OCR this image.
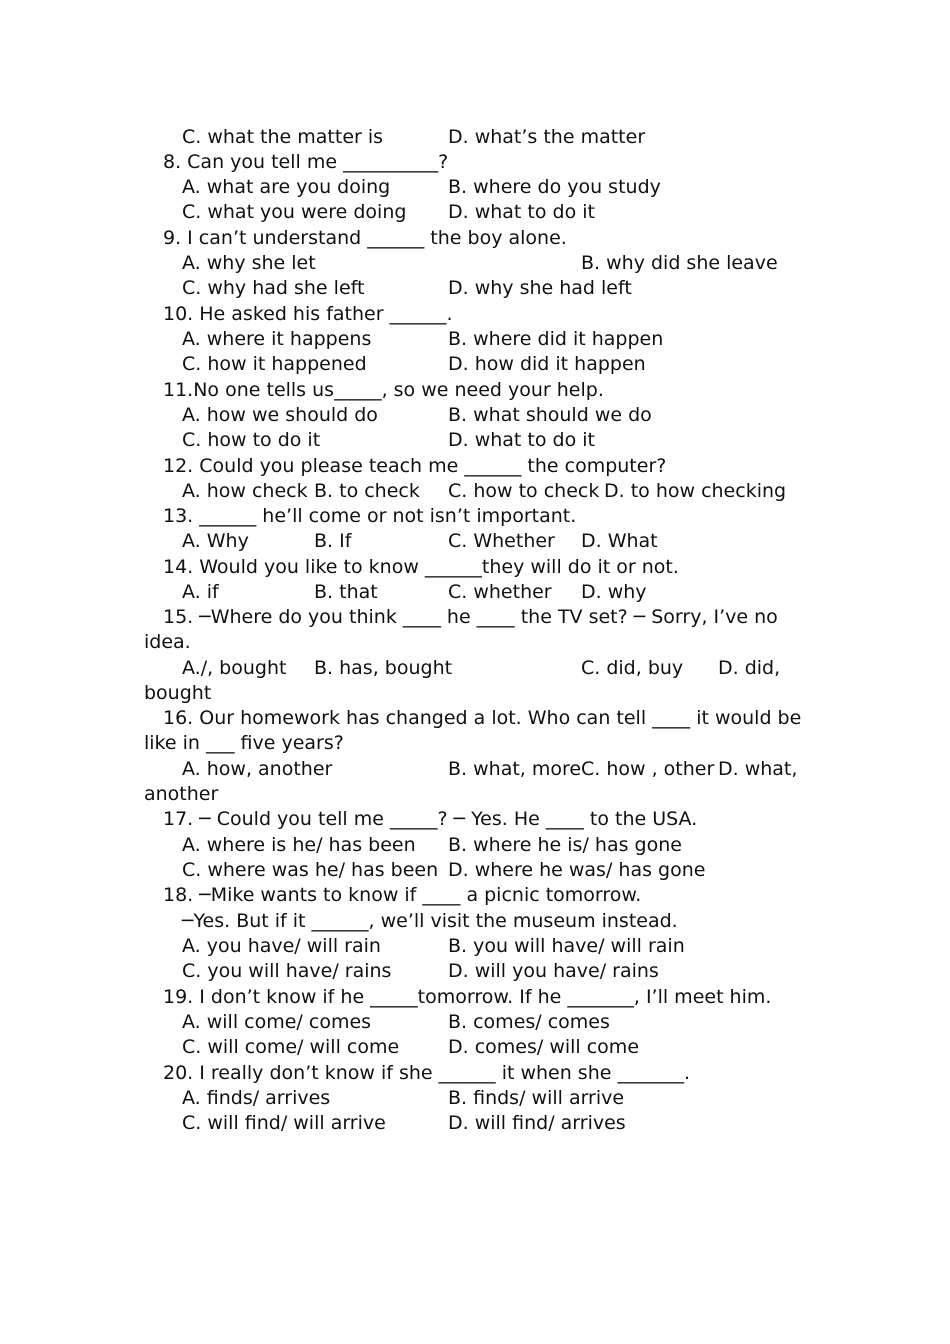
C. what the matter is	D. what’s the matter
8. Can you tell me __________?
A. what are you doing	B. where do you study
C. what you were doing D. what to do it
9. I can’t understand ______ the boy alone.
A. why she let	B. why did she leave
C. why had she left	D. why she had left
10. He asked his father ______.
A. where it happens	B. where did it happen
C. how it happened	D. how did it happen
11.No one tells us_____, so we need your help.
A. how we should do	B. what should we do
C. how to do it	D. what to do it
12. Could you please teach me ______ the computer?
A. how check B. to check C. how to check D. to how checking
13. ______ he’ll come or not isn’t important.
A. Why	B. If	C. Whether D. What
14. Would you like to know ______they will do it or not.
A. if	B. that	C. whether D. why
15. ─Where do you think ____ he ____ the TV set? ─ Sorry, I’ve no
idea.
A./, bought B. has, bought	C. did, buy D. did,
bought
16. Our homework has changed a lot. Who can tell ____ it would be
like in ___ five years?
A. how, another	B. what, more C. how , other D. what,
another
17. ─ Could you tell me _____? ─ Yes. He ____ to the USA.
A. where is he/ has been B. where he is/ has gone
C. where was he/ has been D. where he was/ has gone
18. ─Mike wants to know if ____ a picnic tomorrow.
─Yes. But if it ______, we’ll visit the museum instead.
A. you have/ will rain	B. you will have/ will rain
C. you will have/ rains	D. will you have/ rains
19. I don’t know if he _____tomorrow. If he _______, I’ll meet him.
A. will come/ comes	B. comes/ comes
C. will come/ will come	D. comes/ will come
20. I really don’t know if she ______ it when she _______.
A. finds/ arrives	B. finds/ will arrive
C. will find/ will arrive	D. will find/ arrives
